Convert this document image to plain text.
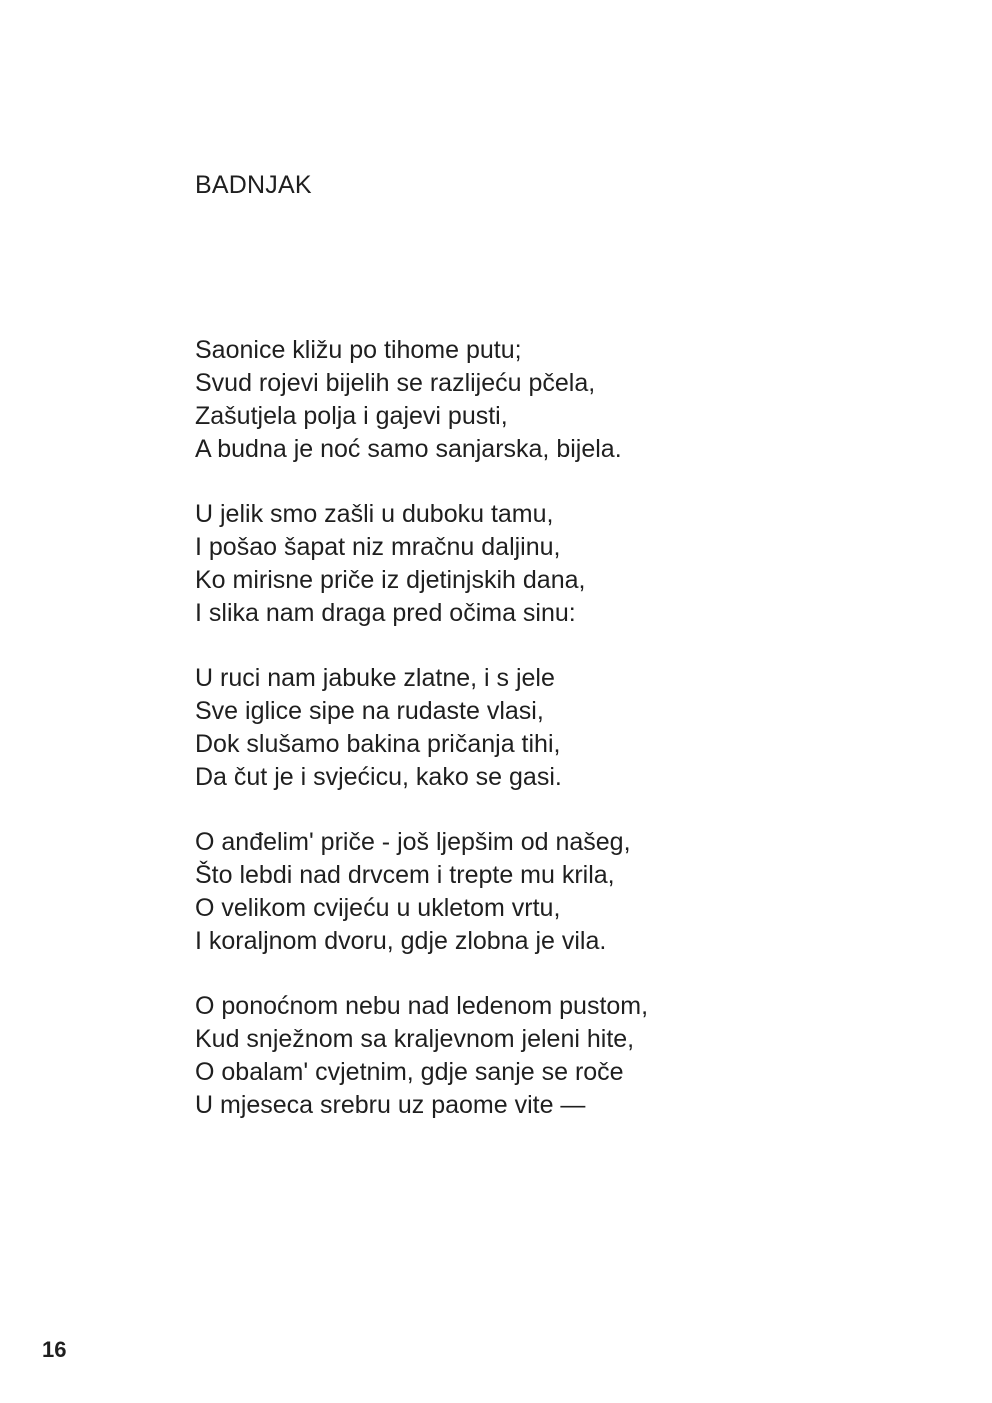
BADNJAK
Saonice kližu po tihome putu;
Svud rojevi bijelih se razlijeću pčela,
Zašutjela polja i gajevi pusti,
A budna je noć samo sanjarska, bijela.
U jelik smo zašli u duboku tamu,
I pošao šapat niz mračnu daljinu,
Ko mirisne priče iz djetinjskih dana,
I slika nam draga pred očima sinu:
U ruci nam jabuke zlatne, i s jele
Sve iglice sipe na rudaste vlasi,
Dok slušamo bakina pričanja tihi,
Da čut je i svjećicu, kako se gasi.
O anđelim' priče - još ljepšim od našeg,
Što lebdi nad drvcem i trepte mu krila,
O velikom cvijeću u ukletom vrtu,
I koraljnom dvoru, gdje zlobna je vila.
O ponoćnom nebu nad ledenom pustom,
Kud snježnom sa kraljevnom jeleni hite,
O obalam' cvjetnim, gdje sanje se roče
U mjeseca srebru uz paome vite —
16
